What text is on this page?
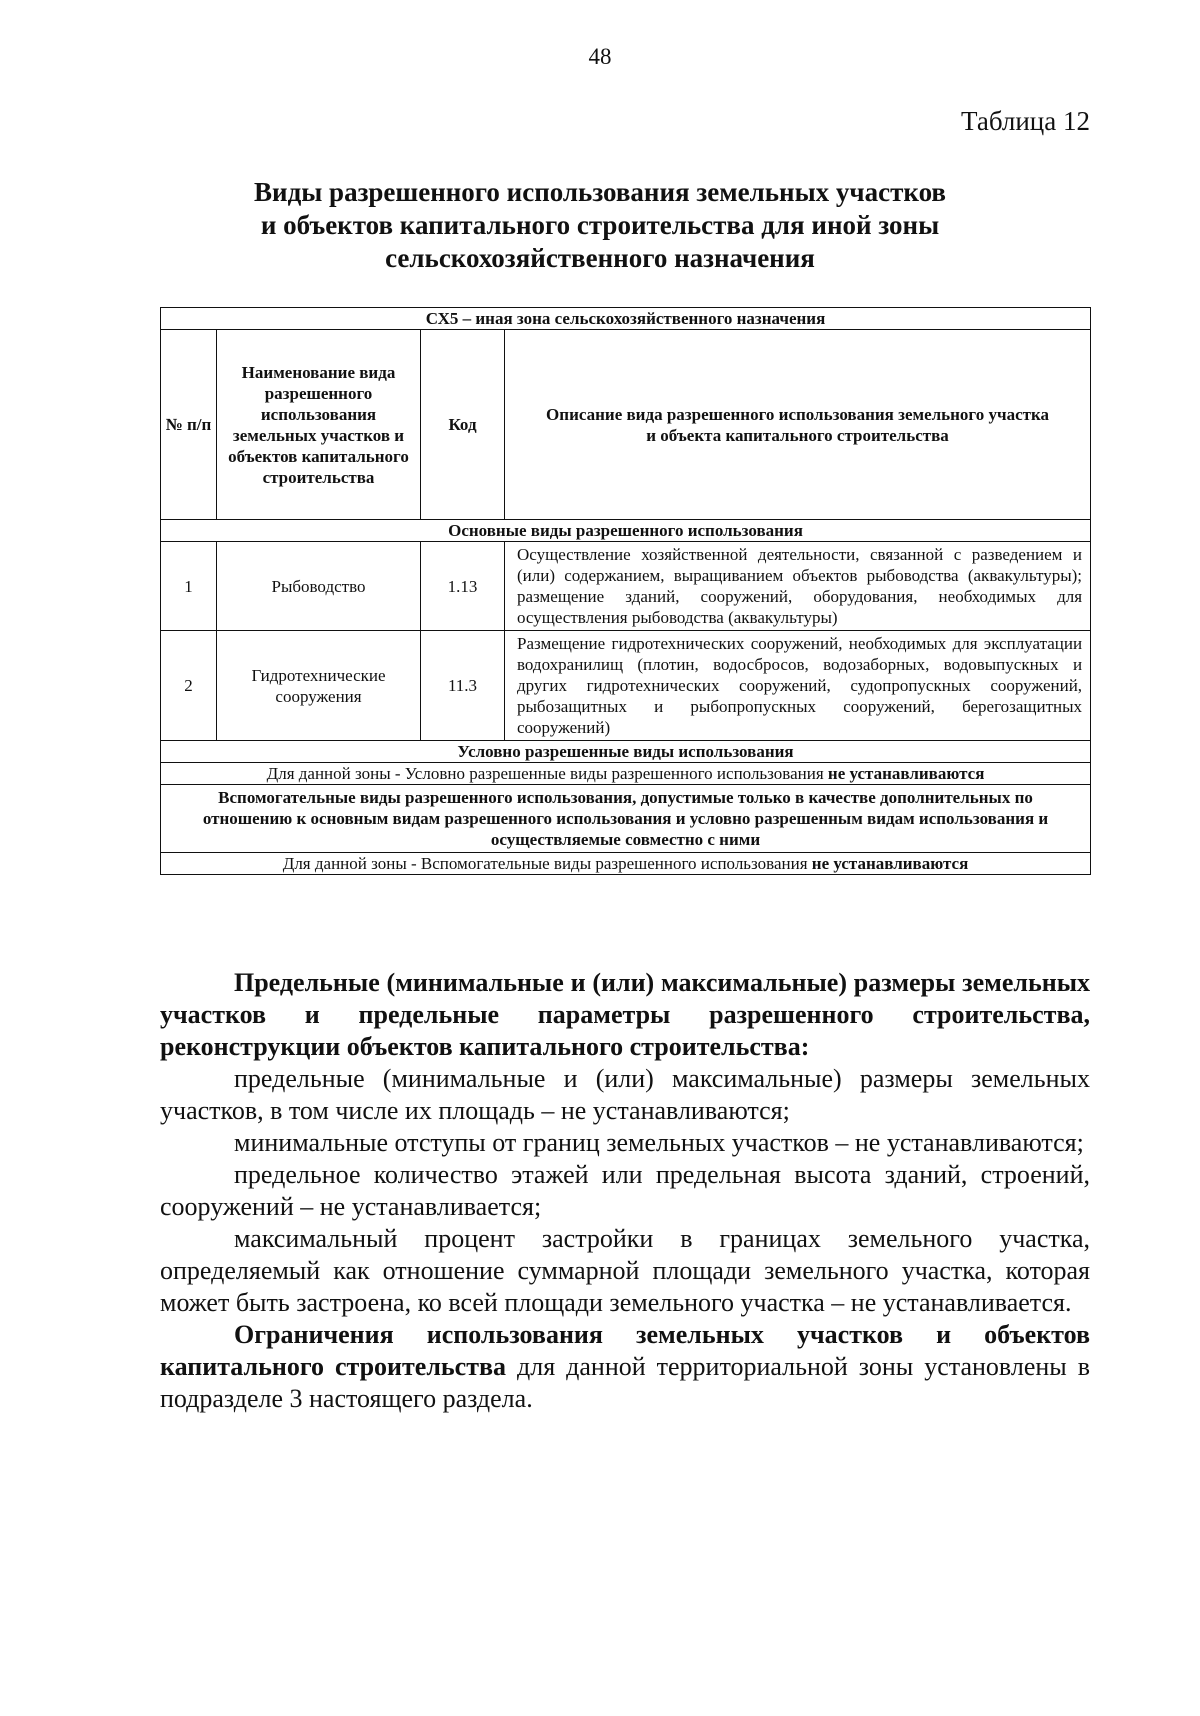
48
Таблица 12
Виды разрешенного использования земельных участков
и объектов капитального строительства для иной зоны
сельскохозяйственного назначения
СХ5 – иная зона сельскохозяйственного назначения			
№ п/п	Наименование вида разрешенного использования земельных участков и объектов капитального строительства	Код	Описание вида разрешенного использования земельного участка и объекта капитального строительства
Основные виды разрешенного использования			
1	Рыбоводство	1.13	Осуществление хозяйственной деятельности, связанной с разведением и (или) содержанием, выращиванием объектов рыбоводства (аквакультуры); размещение зданий, сооружений, оборудования, необходимых для осуществления рыбоводства (аквакультуры)
2	Гидротехнические сооружения	11.3	Размещение гидротехнических сооружений, необходимых для эксплуатации водохранилищ (плотин, водосбросов, водозаборных, водовыпускных и других гидротехнических сооружений, судопропускных сооружений, рыбозащитных и рыбопропускных сооружений, берегозащитных сооружений)
Условно разрешенные виды использования			
Для данной зоны - Условно разрешенные виды разрешенного использования не устанавливаются			
Вспомогательные виды разрешенного использования, допустимые только в качестве дополнительных по отношению к основным видам разрешенного использования и условно разрешенным видам использования и осуществляемые совместно с ними			
Для данной зоны - Вспомогательные виды разрешенного использования не устанавливаются			

Предельные (минимальные и (или) максимальные) размеры земельных участков и предельные параметры разрешенного строительства, реконструкции объектов капитального строительства:

предельные (минимальные и (или) максимальные) размеры земельных участков, в том числе их площадь – не устанавливаются;

минимальные отступы от границ земельных участков – не устанавливаются;

предельное количество этажей или предельная высота зданий, строений, сооружений – не устанавливается;

максимальный процент застройки в границах земельного участка, определяемый как отношение суммарной площади земельного участка, которая может быть застроена, ко всей площади земельного участка – не устанавливается.

Ограничения использования земельных участков и объектов капитального строительства для данной территориальной зоны установлены в подразделе 3 настоящего раздела.
